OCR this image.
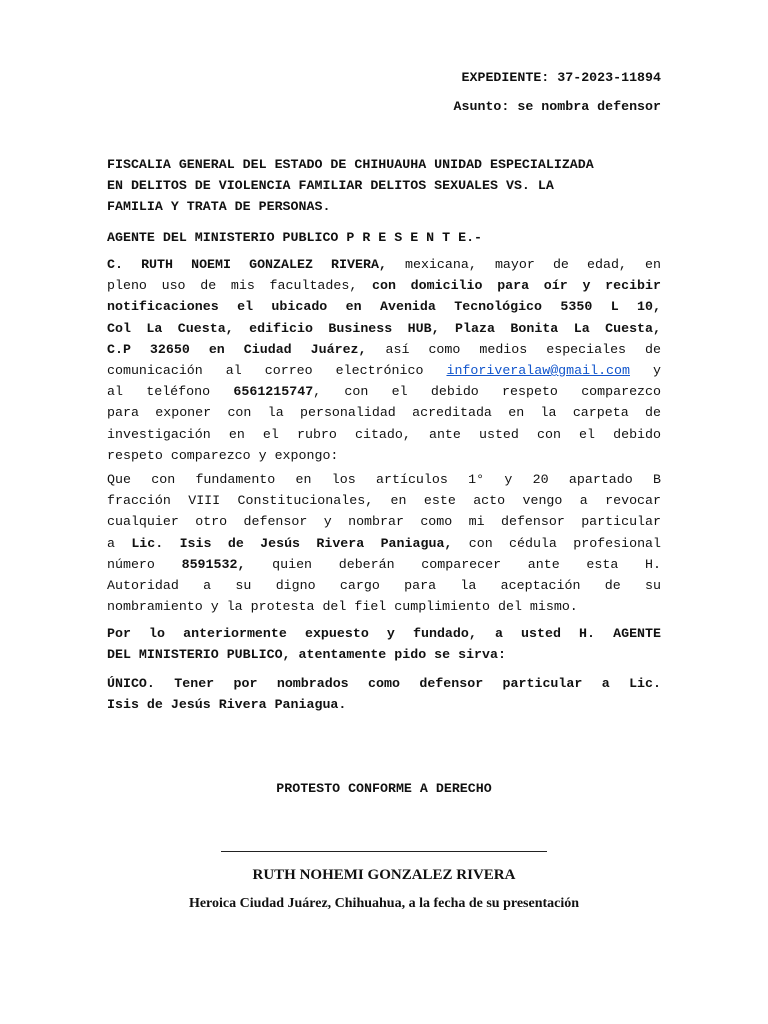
EXPEDIENTE: 37-2023-11894
Asunto: se nombra defensor
FISCALIA GENERAL DEL ESTADO DE CHIHUAUHA UNIDAD ESPECIALIZADA
EN DELITOS DE VIOLENCIA FAMILIAR DELITOS SEXUALES VS. LA
FAMILIA Y TRATA DE PERSONAS.
AGENTE DEL MINISTERIO PUBLICO P R E S E N T E.-
C. RUTH NOEMI GONZALEZ RIVERA, mexicana, mayor de edad, en
pleno uso de mis facultades, con domicilio para oír y recibir
notificaciones el ubicado en Avenida Tecnológico 5350 L 10,
Col La Cuesta, edificio Business HUB, Plaza Bonita La Cuesta,
C.P 32650 en Ciudad Juárez, así como medios especiales de
comunicación al correo electrónico inforiveralaw@gmail.com y
al teléfono 6561215747, con el debido respeto comparezco
para exponer con la personalidad acreditada en la carpeta de
investigación en el rubro citado, ante usted con el debido
respeto comparezco y expongo:
Que con fundamento en los artículos 1° y 20 apartado B
fracción VIII Constitucionales, en este acto vengo a revocar
cualquier otro defensor y nombrar como mi defensor particular
a Lic. Isis de Jesús Rivera Paniagua, con cédula profesional
número 8591532, quien deberán comparecer ante esta H.
Autoridad a su digno cargo para la aceptación de su
nombramiento y la protesta del fiel cumplimiento del mismo.
Por lo anteriormente expuesto y fundado, a usted H. AGENTE
DEL MINISTERIO PUBLICO, atentamente pido se sirva:
ÚNICO. Tener por nombrados como defensor particular a Lic.
Isis de Jesús Rivera Paniagua.
PROTESTO CONFORME A DERECHO
RUTH NOHEMI GONZALEZ RIVERA
Heroica Ciudad Juárez, Chihuahua, a la fecha de su presentación
